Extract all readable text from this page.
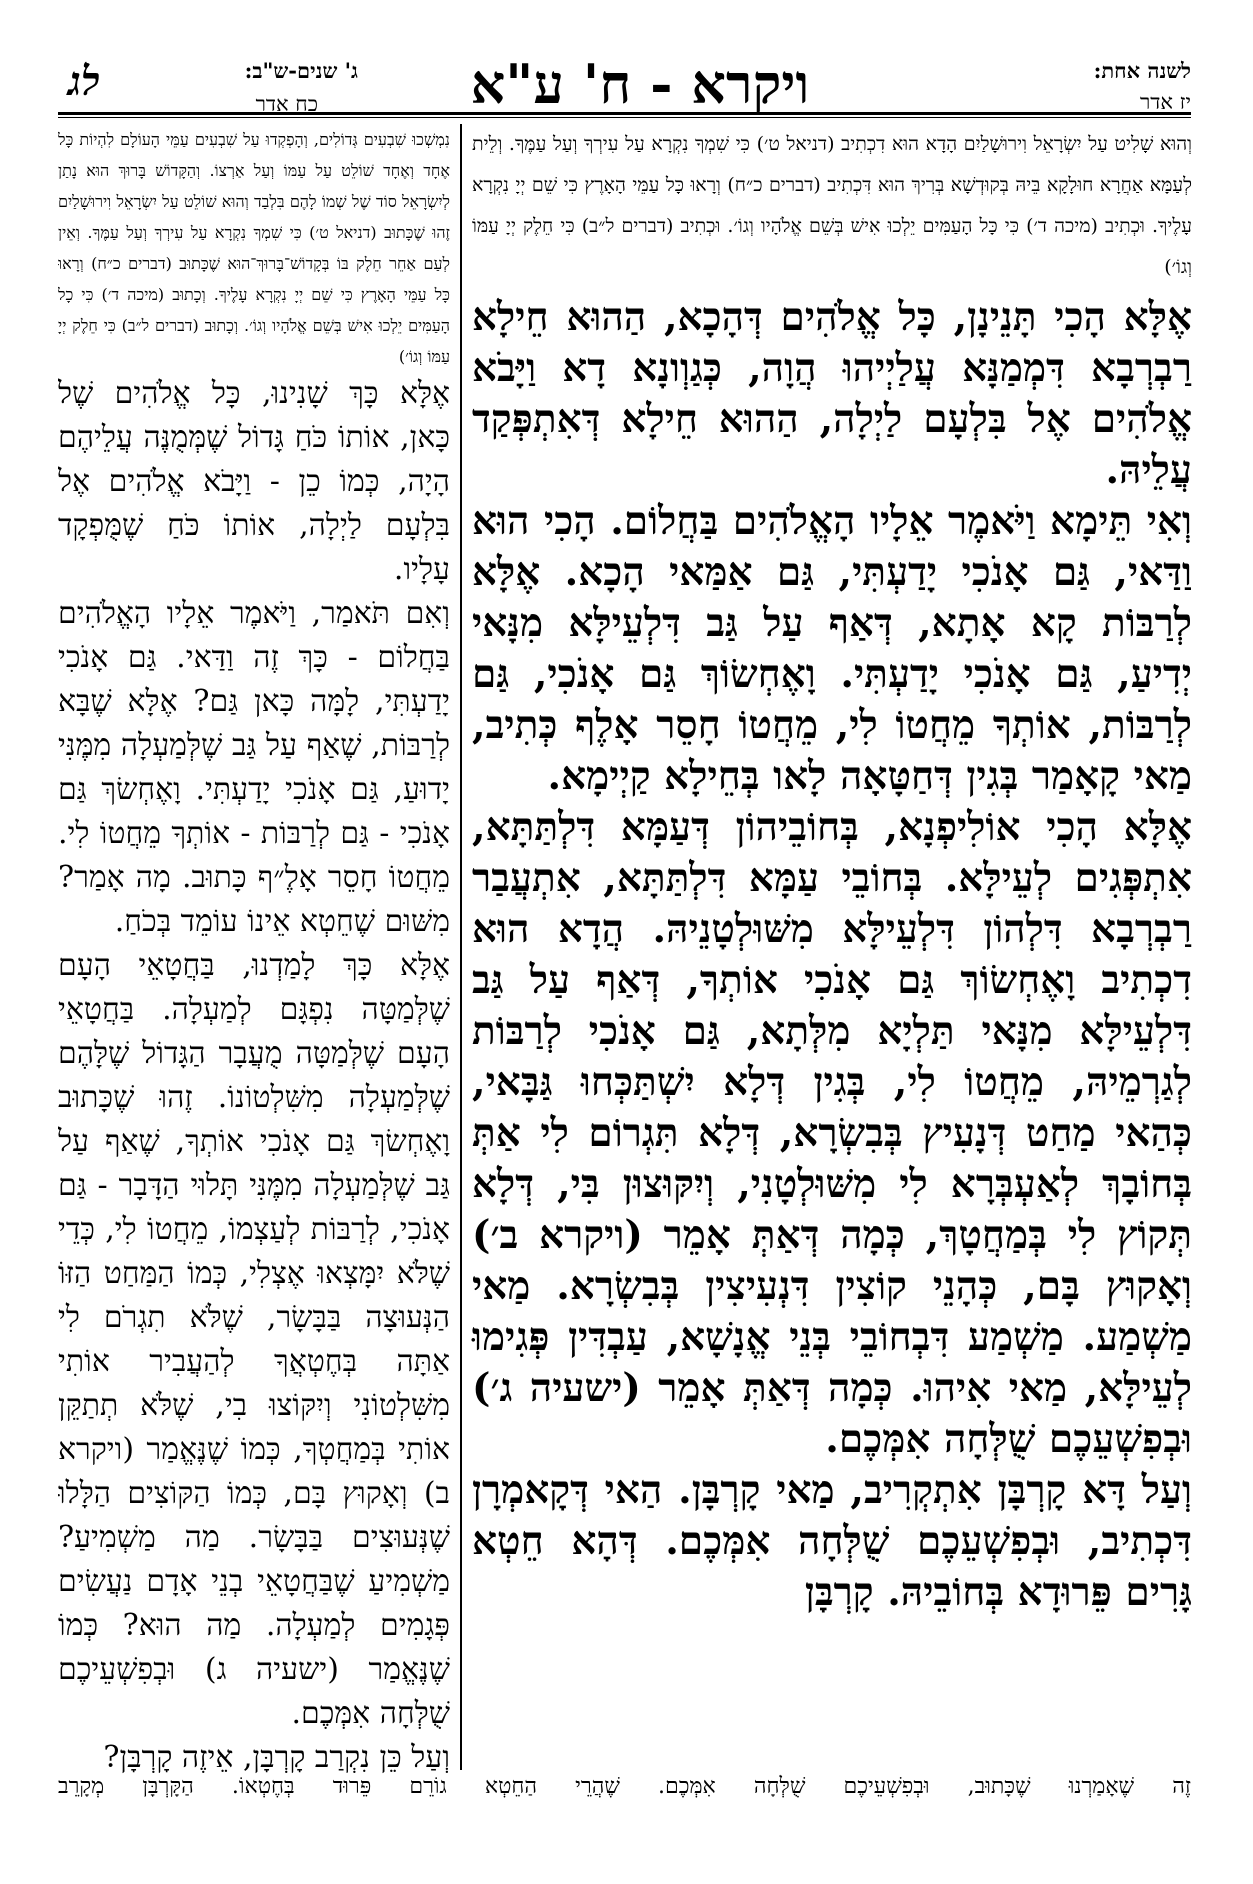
לשנה אחת:
יז אדר
ויקרא - ח' ע"א
לג	ג' שנים-ש"ב:
כח אדר

וְהוּא שָׁלִיט עַל יִשְׂרָאֵל וִירוּשָׁלַיִם הָדָא הוּא דִכְתִיב (דניאל ט׳) כִּי שִׁמְךָ נִקְרָא עַל עִירְךָ וְעַל עַמֶּךָ. וְלֵית לְעַמָּא אַחֲרָא חוּלָקָא בֵּיהּ בְּקוּדְשָׁא בְּרִיךְ הוּא דִּכְתִיב (דברים כ״ח) וְרָאוּ כָּל עַמֵּי הָאָרֶץ כִּי שֵׁם יְיָ נִקְרָא עָלֶיךָ. וּכְתִיב (מיכה ד׳) כִּי כָּל הָעַמִּים יֵלְכוּ אִישׁ בְּשֵׁם אֱלֹהָיו וְגוֹ׳. וּכְתִיב (דברים ל״ב) כִּי חֵלֶק יְיָ עַמּוֹ וְגוֹ׳)

אֶלָּא הָכִי תָּנֵינָן, כָּל אֱלֹהִים דְּהָכָא, הַהוּא חֵילָא רַבְרְבָא דִּמְמַנָּא עֲלַיְיהוּ הֲוָה, כְּגַוְונָא דָא וַיָּבֹא אֱלֹהִים אֶל בִּלְעָם לַיְלָה, הַהוּא חֵילָא דְּאִתְפְּקַד עֲלֵיהּ.

וְאִי תֵּימָא וַיֹּאמֶר אֵלָיו הָאֱלֹהִים בַּחֲלוֹם. הָכִי הוּא וַדַּאי, גַּם אָנֹכִי יָדַעְתִּי, גַּם אַמַּאי הָכָא. אֶלָּא לְרַבּוֹת קָא אָתָא, דְּאַף עַל גַּב דִּלְעֵילָּא מִנָּאי יְדִיעַ, גַּם אָנֹכִי יָדַעְתִּי. וָאֶחְשׂוֹךְ גַּם אָנֹכִי, גַּם לְרַבּוֹת, אוֹתְךָ מֵחֲטוֹ לִי, מֵחֲטוֹ חָסֵר אָלֶף כְּתִיב, מַאי קָאָמַר בְּגִין דְּחַטָּאָה לָאו בְּחֵילָא קַיְימָא.

אֶלָּא הָכִי אוֹלִיפְנָא, בְּחוֹבֵיהוֹן דְּעַמָּא דִּלְתַּתָּא, אִתְפְּגִים לְעֵילָּא. בְּחוֹבֵי עַמָּא דִּלְתַּתָּא, אִתְעֲבַר רַבְרְבָא דִּלְהוֹן דִּלְעֵילָּא מִשּׁוּלְטָנֵיהּ. הֲדָא הוּא דִכְתִיב וָאֶחְשׂוֹךְ גַּם אָנֹכִי אוֹתְךָ, דְּאַף עַל גַּב דִּלְעֵילָּא מִנָּאי תַּלְיָא מִלְּתָא, גַּם אָנֹכִי לְרַבּוֹת לְגַרְמֵיהּ, מֵחֲטוֹ לִי, בְּגִין דְּלָא יִשְׁתַּכְּחוּ גַּבָּאי, כְּהַאי מַחַט דְּנָעִיץ בְּבִשְׂרָא, דְּלָא תִּגְרוֹם לִי אַתְּ בְּחוֹבָךְ לְאַעְבְּרָא לִי מִשּׁוּלְטָנִי, וְיִקּוּצוּן בִּי, דְּלָא תְּקוֹץ לִי בְּמַחֲטָךְ, כְּמָה דְּאַתְּ אָמֵר (ויקרא ב׳) וְאָקוּץ בָּם, כְּהָנֵי קוֹצִין דִּנְעִיצִין בְּבִשְׂרָא. מַאי מַשְׁמַע. מַשְׁמַע דִּבְחוֹבֵי בְּנֵי אֱנָשָׁא, עַבְדִּין פְּגִימוּ לְעֵילָּא, מַאי אִיהוּ. כְּמָה דְּאַתְּ אָמֵר (ישעיה ג׳) וּבְפִשְׁעֵכֶם שֻׁלְּחָה אִמְּכֶם.

וְעַל דָּא קָרְבָּן אִתְקְרִיב, מַאי קָרְבָּן. הַאי דְּקָאמְרָן דִּכְתִיב, וּבְפִשְׁעֵכֶם שֻׁלְּחָה אִמְּכֶם. דְּהָא חֵטְא גָּרִים פֵּרוּדָא בְּחוֹבֵיהּ. קָרְבָּן

נִמְשְׁכוּ שִׁבְעִים גְּדוֹלִים, וְהָפְקְדוּ עַל שִׁבְעִים עַמֵּי הָעוֹלָם לִהְיוֹת כָּל אֶחָד וְאֶחָד שׁוֹלֵט עַל עַמּוֹ וְעַל אַרְצוֹ. וְהַקָּדוֹשׁ בָּרוּךְ הוּא נָתַן לְיִשְׂרָאֵל סוֹד שֶׁל שְׁמוֹ לָהֶם בִּלְבַד וְהוּא שׁוֹלֵט עַל יִשְׂרָאֵל וִירוּשָׁלַיִם זֶהוּ שֶׁכָּתוּב (דניאל ט׳) כִּי שִׁמְךָ נִקְרָא עַל עִירְךָ וְעַל עַמֶּךָ. וְאֵין לְעַם אַחֵר חֵלֶק בּוֹ בְּקָדוֹשׁ־בָּרוּךְ־הוּא שֶׁכָּתוּב (דברים כ״ח) וְרָאוּ כָּל עַמֵּי הָאָרֶץ כִּי שֵׁם יְיָ נִקְרָא עָלֶיךָ. וְכָתוּב (מיכה ד׳) כִּי כָל הָעַמִּים יֵלְכוּ אִישׁ בְּשֵׁם אֱלֹהָיו וְגוֹ׳. וְכָתוּב (דברים ל״ב) כִּי חֵלֶק יְיָ עַמּוֹ וְגוֹ׳)

אֶלָּא כָּךְ שָׁנִינוּ, כָּל אֱלֹהִים שֶׁל כָּאן, אוֹתוֹ כֹּחַ גָּדוֹל שֶׁמְּמֻנֶּה עֲלֵיהֶם הָיָה, כְּמוֹ כֵן - וַיָּבֹא אֱלֹהִים אֶל בִּלְעָם לַיְלָה, אוֹתוֹ כֹּחַ שֶׁמֻּפְקָד עָלָיו.

וְאִם תֹּאמַר, וַיֹּאמֶר אֵלָיו הָאֱלֹהִים בַּחֲלוֹם - כָּךְ זֶה וַדַּאי. גַּם אָנֹכִי יָדַעְתִּי, לָמָּה כָּאן גַּם? אֶלָּא שֶׁבָּא לְרַבּוֹת, שֶׁאַף עַל גַּב שֶׁלְּמַעְלָה מִמֶּנִּי יָדוּעַ, גַּם אָנֹכִי יָדַעְתִּי. וָאֶחְשׂךְ גַּם אָנֹכִי - גַּם לְרַבּוֹת - אוֹתְךָ מֵחֲטוֹ לִי. מֵחֲטוֹ חָסֵר אָלֶ״ף כָּתוּב. מָה אָמַר? מִשּׁוּם שֶׁחֵטְא אֵינוֹ עוֹמֵד בְּכֹחַ.

אֶלָּא כָּךְ לָמַדְנוּ, בַּחֲטָאֵי הָעָם שֶׁלְּמַטָּה נִפְגָּם לְמַעְלָה. בַּחֲטָאֵי הָעָם שֶׁלְּמַטָּה מֻעֲבָר הַגָּדוֹל שֶׁלָּהֶם שֶׁלְּמַעְלָה מִשִּׁלְטוֹנוֹ. זֶהוּ שֶׁכָּתוּב וָאֶחְשׂךְ גַּם אָנֹכִי אוֹתְךָ, שֶׁאַף עַל גַּב שֶׁלְּמַעְלָה מִמֶּנִּי תָּלוּי הַדָּבָר - גַּם אָנֹכִי, לְרַבּוֹת לְעַצְמוֹ, מֵחֲטוֹ לִי, כְּדֵי שֶׁלֹּא יִמָּצְאוּ אֶצְלִי, כְּמוֹ הַמַּחַט הַזּוֹ הַנְּעוּצָה בַּבָּשָׂר, שֶׁלֹּא תִגְרֹם לִי אַתָּה בְּחֶטְאֲךָ לְהַעֲבִיר אוֹתִי מִשִּׁלְטוֹנִי וְיִקּוֹצוּ בִי, שֶׁלֹּא תְתַקֵּן אוֹתִי בְּמַחֲטְךָ, כְּמוֹ שֶׁנֶּאֱמַר (ויקרא ב) וְאָקוּץ בָּם, כְּמוֹ הַקּוֹצִים הַלָּלוּ שֶׁנְּעוּצִים בַּבָּשָׂר. מַה מַשְׁמִיעַ? מַשְׁמִיעַ שֶׁבַּחֲטָאֵי בְנֵי אָדָם נַעֲשִׂים פְּגָמִים לְמַעְלָה. מַה הוּא? כְּמוֹ שֶׁנֶּאֱמַר (ישעיה ג) וּבְפִשְׁעֵיכֶם שֻׁלְּחָה אִמְּכֶם.

וְעַל כֵּן נִקְרַב קָרְבָּן, אֵיזֶה קָרְבָּן?

זֶה שֶׁאָמַרְנוּ שֶׁכָּתוּב, וּבְפִשְׁעֵיכֶם שֻׁלְּחָה אִמְּכֶם. שֶׁהֲרֵי הַחֵטְא גוֹרֵם פֵּרוּד בְּחֶטְאוֹ. הַקָּרְבָּן מְקָרֵב
